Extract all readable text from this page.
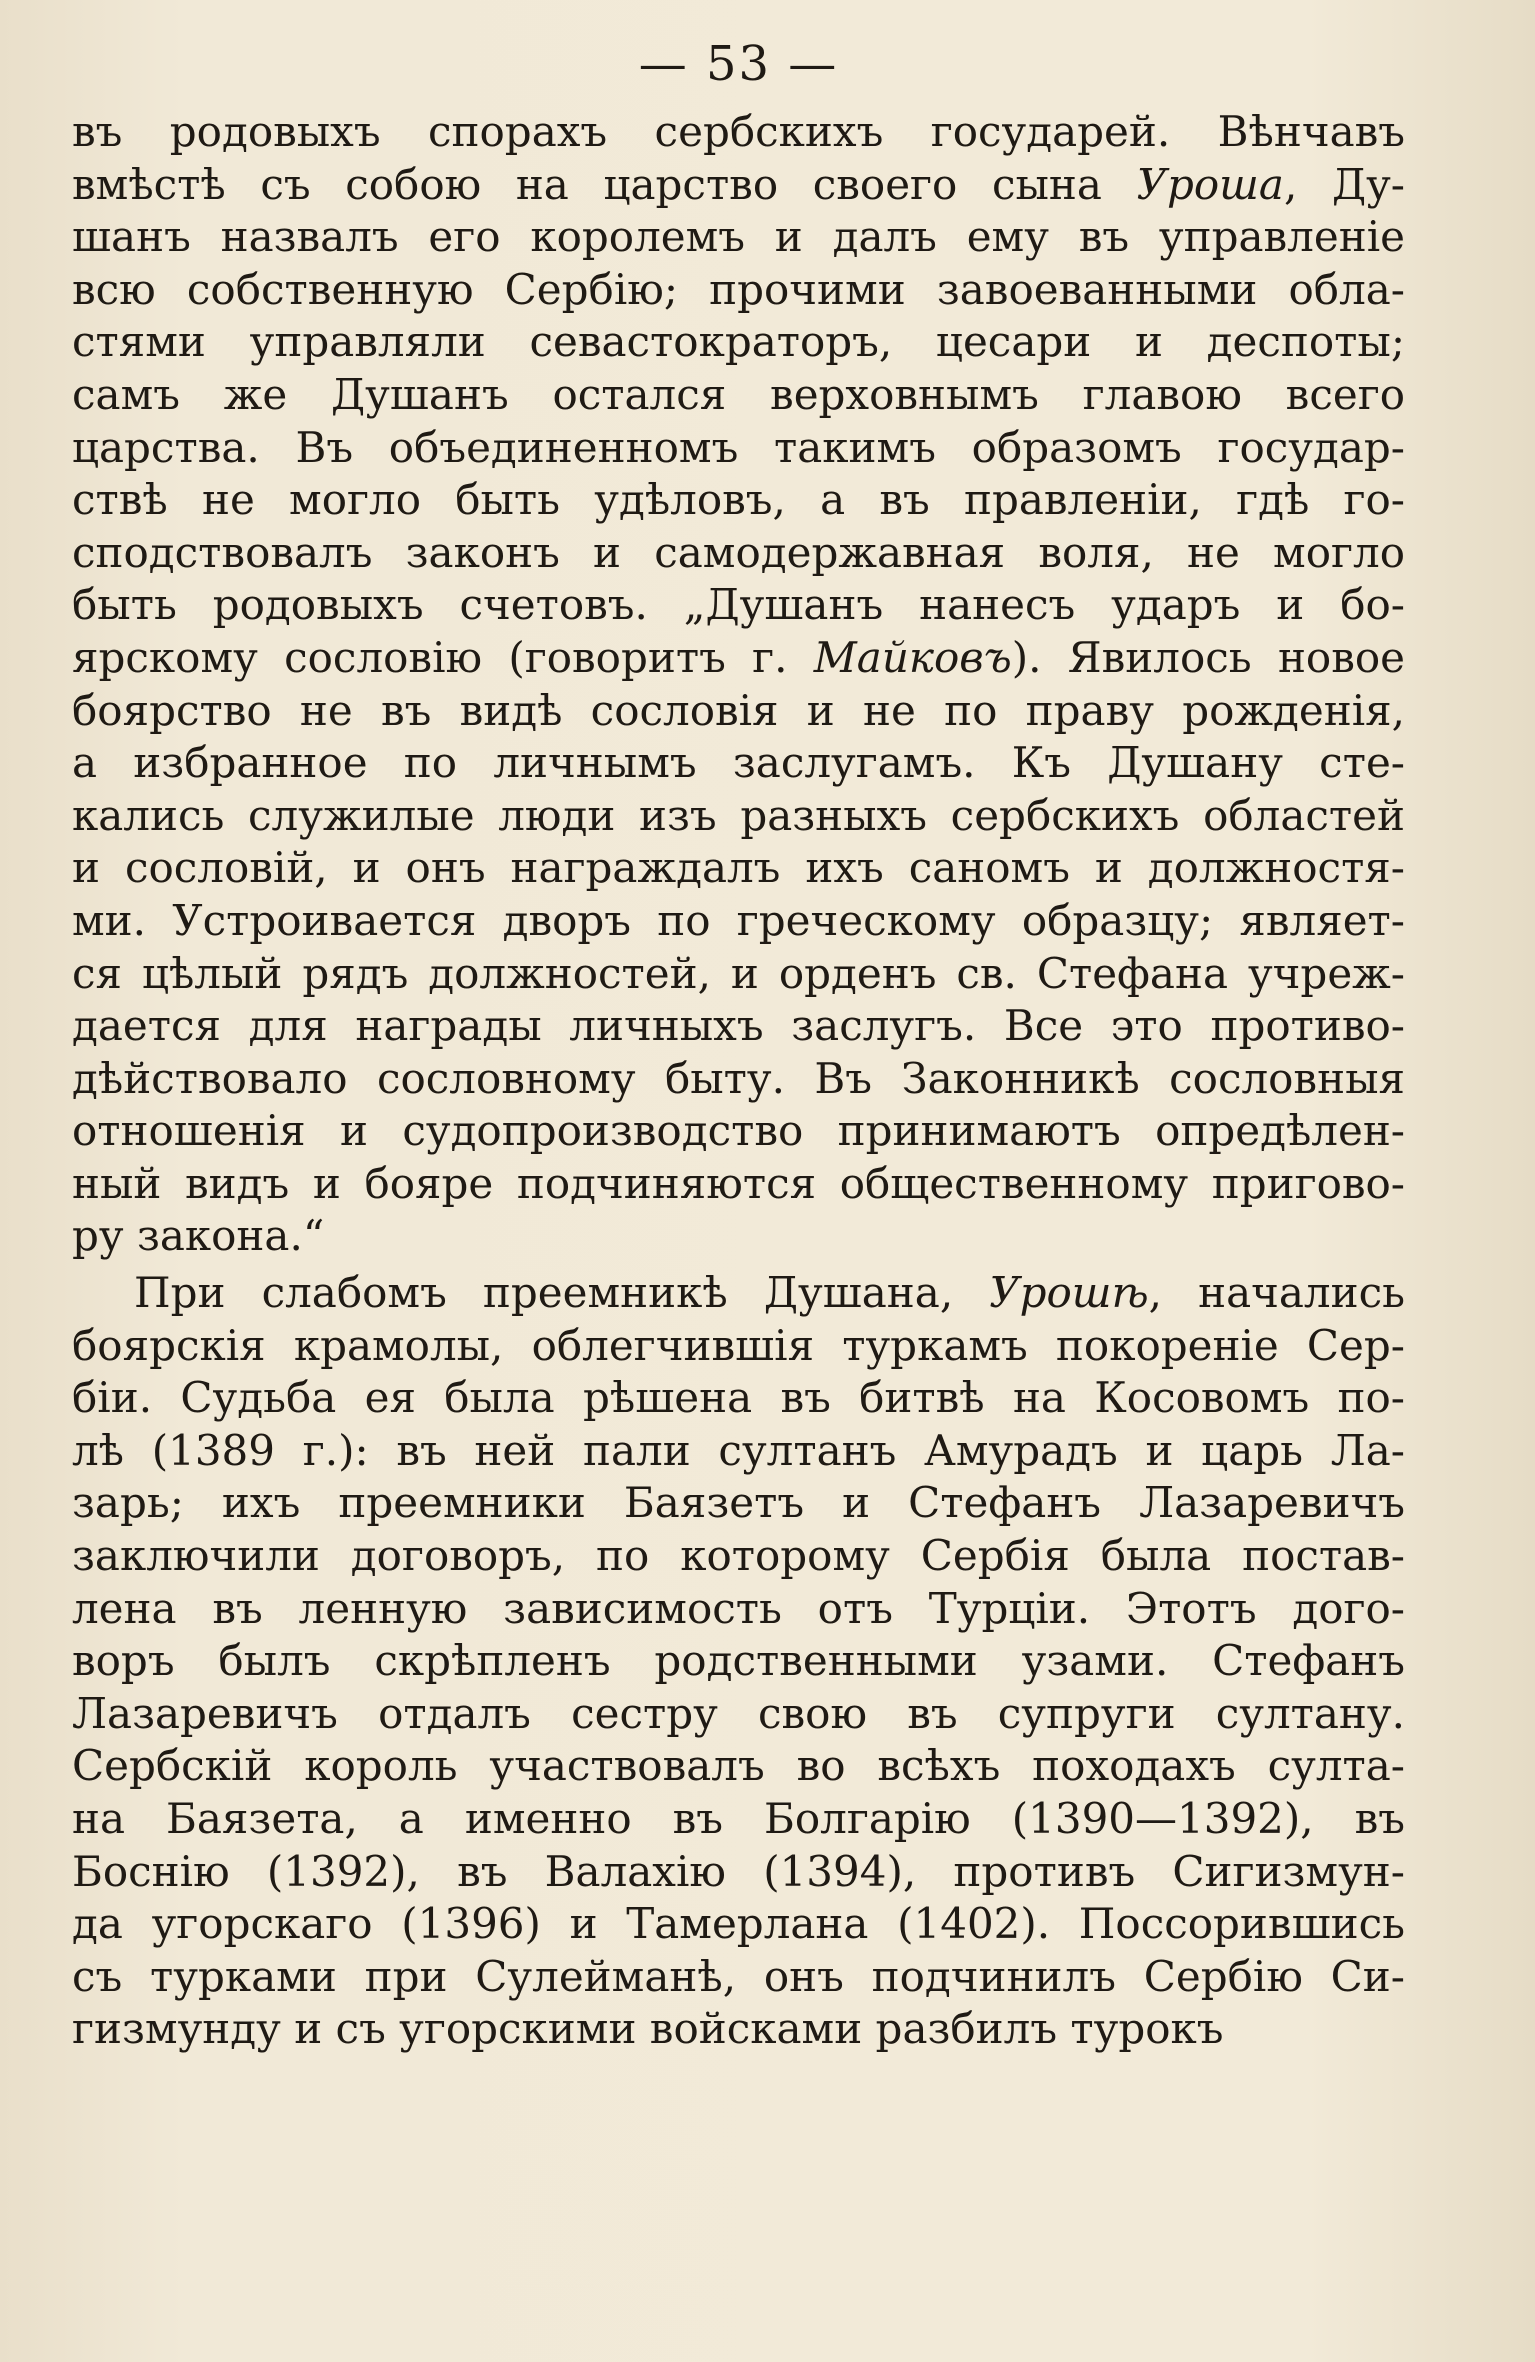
— 53 —
въ родовыхъ спорахъ сербскихъ государей. Вѣнчавъ
вмѣстѣ съ собою на царство своего сына Уроша, Ду-
шанъ назвалъ его королемъ и далъ ему въ управленіе
всю собственную Сербію; прочими завоеванными обла-
стями управляли севастократоръ, цесари и деспоты;
самъ же Душанъ остался верховнымъ главою всего
царства. Въ объединенномъ такимъ образомъ государ-
ствѣ не могло быть удѣловъ, а въ правленіи, гдѣ го-
сподствовалъ законъ и самодержавная воля, не могло
быть родовыхъ счетовъ. „Душанъ нанесъ ударъ и бо-
ярскому сословію (говоритъ г. Майковъ). Явилось новое
боярство не въ видѣ сословія и не по праву рожденія,
а избранное по личнымъ заслугамъ. Къ Душану сте-
кались служилые люди изъ разныхъ сербскихъ областей
и сословій, и онъ награждалъ ихъ саномъ и должностя-
ми. Устроивается дворъ по греческому образцу; являет-
ся цѣлый рядъ должностей, и орденъ св. Стефана учреж-
дается для награды личныхъ заслугъ. Все это противо-
дѣйствовало сословному быту. Въ Законникѣ сословныя
отношенія и судопроизводство принимаютъ опредѣлен-
ный видъ и бояре подчиняются общественному пригово-
ру закона.“
При слабомъ преемникѣ Душана, Урошѣ, начались
боярскія крамолы, облегчившія туркамъ покореніе Сер-
біи. Судьба ея была рѣшена въ битвѣ на Косовомъ по-
лѣ (1389 г.): въ ней пали султанъ Амурадъ и царь Ла-
зарь; ихъ преемники Баязетъ и Стефанъ Лазаревичъ
заключили договоръ, по которому Сербія была постав-
лена въ ленную зависимость отъ Турціи. Этотъ дого-
воръ былъ скрѣпленъ родственными узами. Стефанъ
Лазаревичъ отдалъ сестру свою въ супруги султану.
Сербскій король участвовалъ во всѣхъ походахъ султа-
на Баязета, а именно въ Болгарію (1390—1392), въ
Боснію (1392), въ Валахію (1394), противъ Сигизмун-
да угорскаго (1396) и Тамерлана (1402). Поссорившись
съ турками при Сулейманѣ, онъ подчинилъ Сербію Си-
гизмунду и съ угорскими войсками разбилъ турокъ
